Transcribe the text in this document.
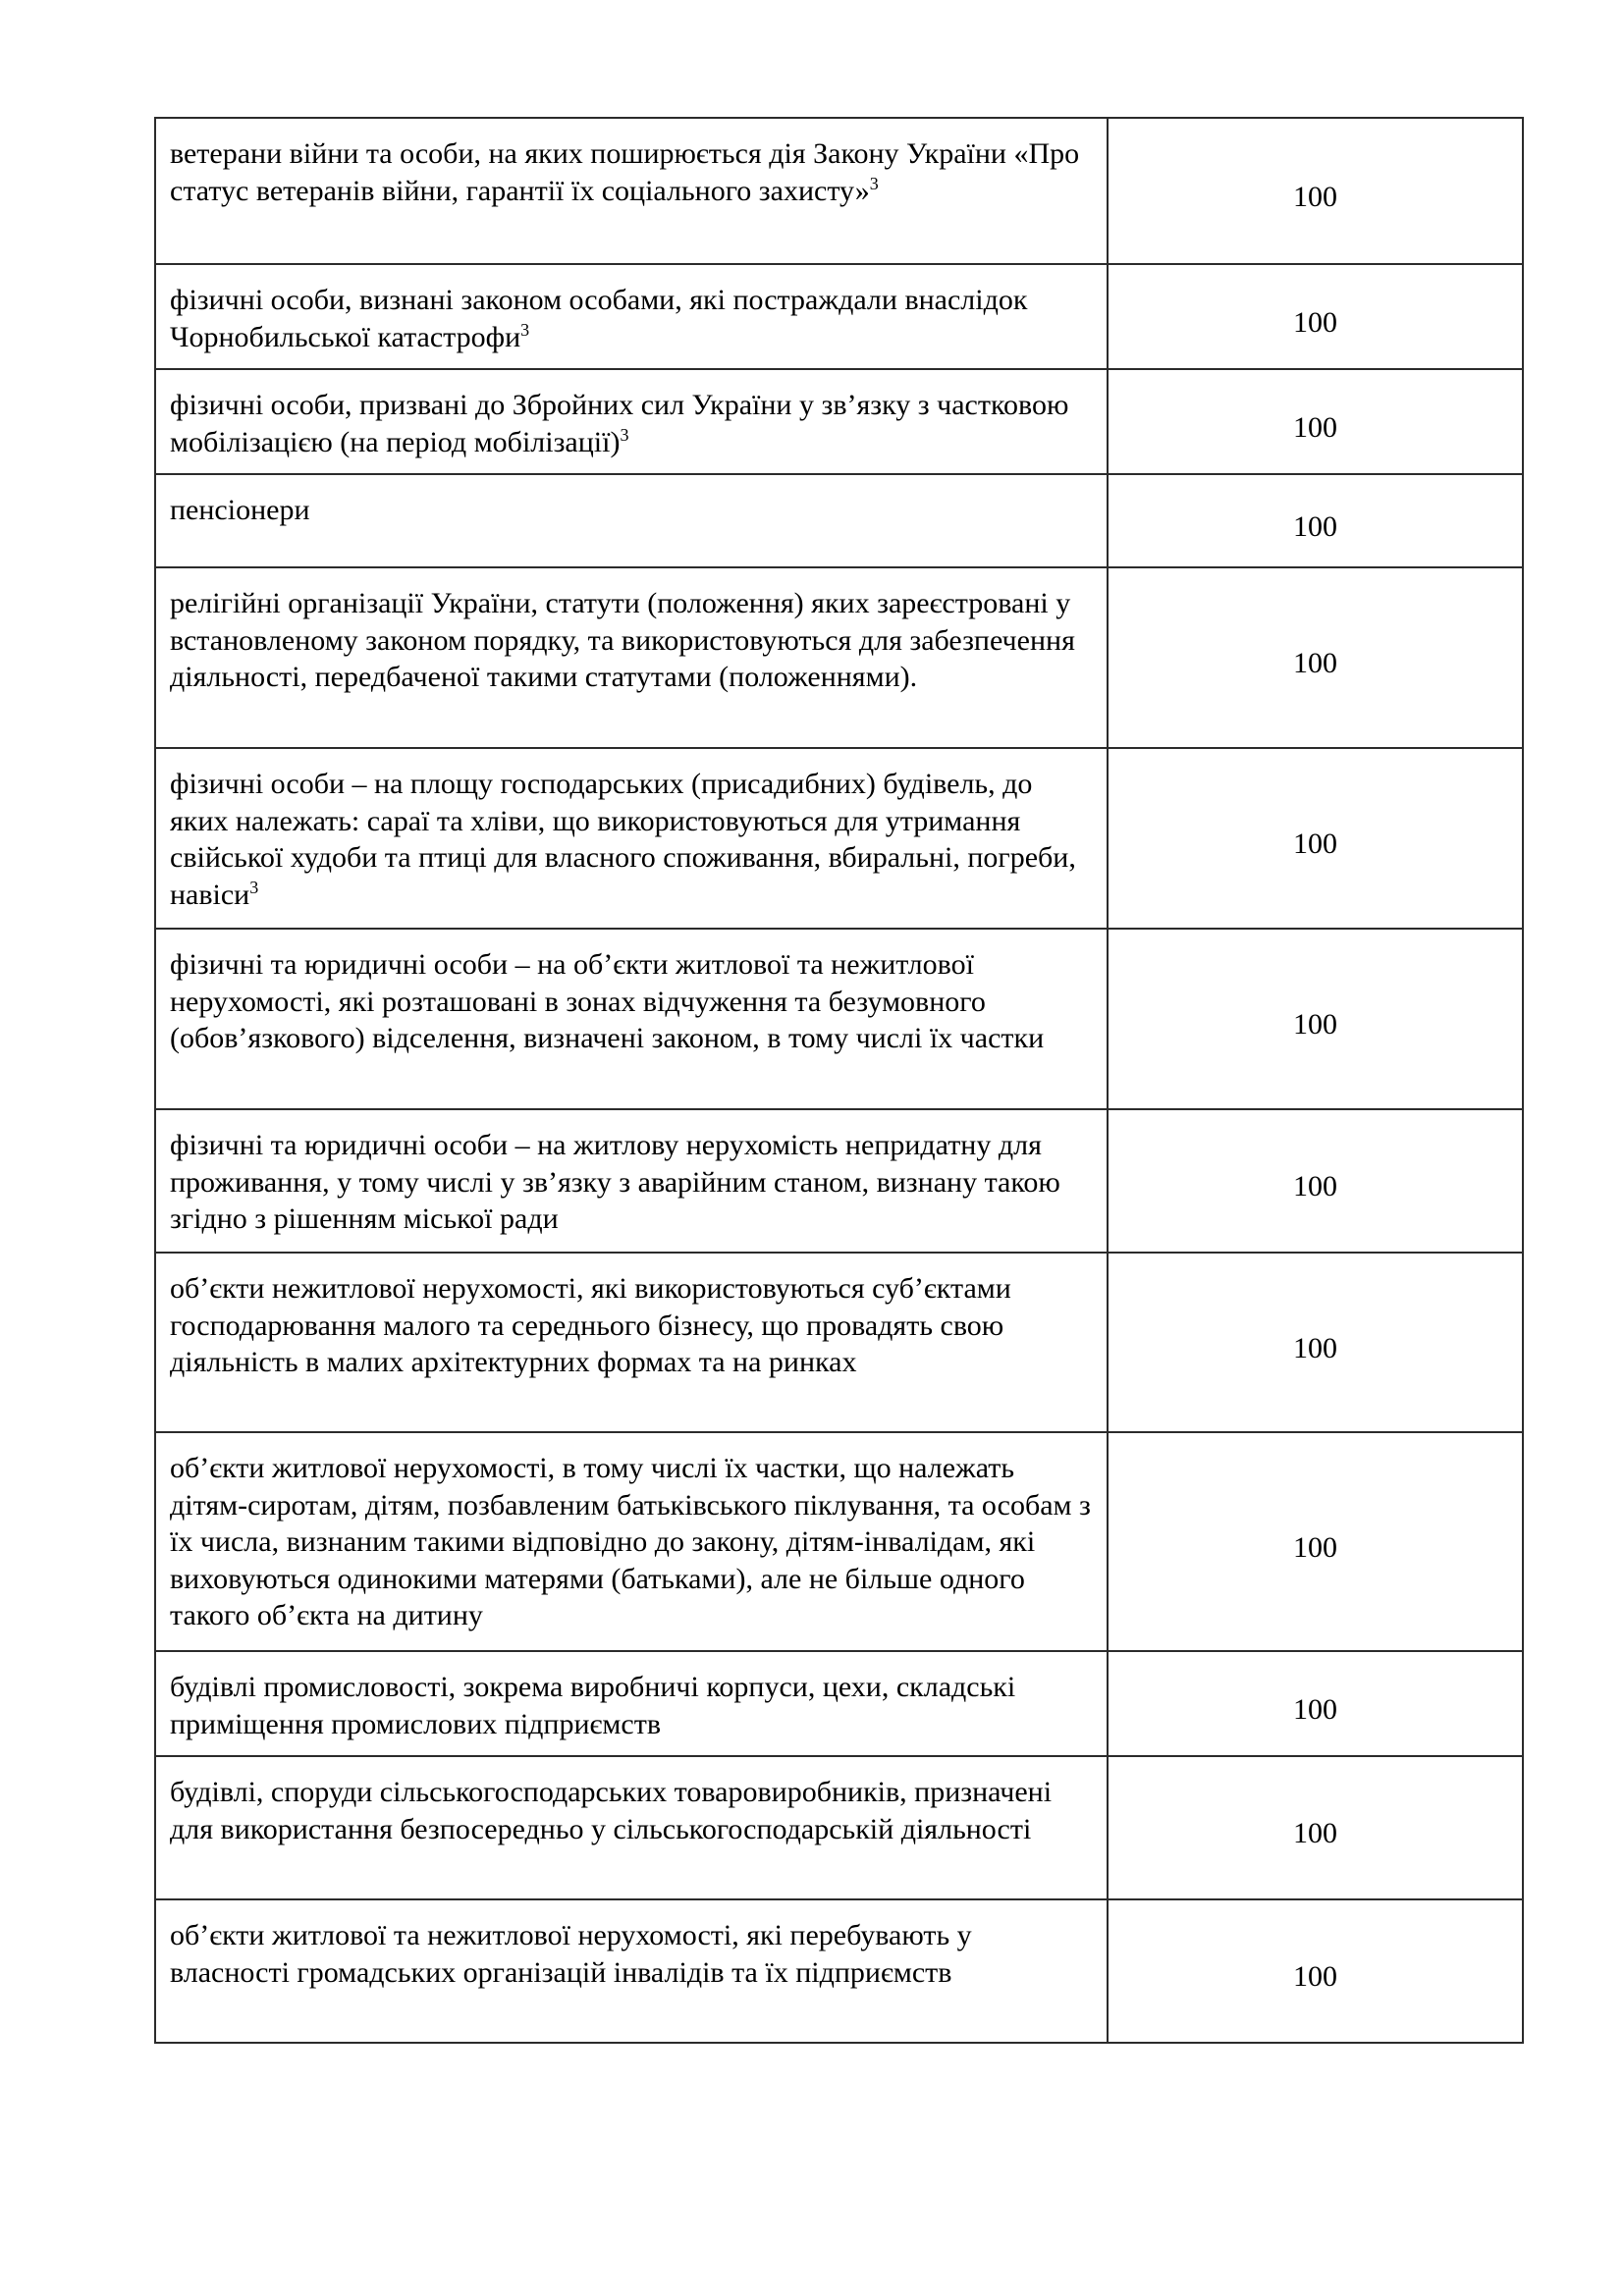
ветерани війни та особи, на яких поширюється дія Закону України «Про статус ветеранів війни, гарантії їх соціального захисту»$^3$	100
фізичні особи, визнані законом особами, які постраждали внаслідок Чорнобильської катастрофи$^3$	100
фізичні особи, призвані до Збройних сил України у зв’язку з частковою мобілізацією (на період мобілізації)$^3$	100
пенсіонери	100
релігійні організації України, статути (положення) яких зареєстровані у встановленому законом порядку, та використовуються для забезпечення діяльності, передбаченої такими статутами (положеннями).	100
фізичні особи – на площу господарських (присадибних) будівель, до яких належать: сараї та хліви, що використовуються для утримання свійської худоби та птиці для власного споживання, вбиральні, погреби, навіси$^3$	100
фізичні та юридичні особи – на об’єкти житлової та нежитлової нерухомості, які розташовані в зонах відчуження та безумовного (обов’язкового) відселення, визначені законом, в тому числі їх частки	100
фізичні та юридичні особи – на житлову нерухомість непридатну для проживання, у тому числі у зв’язку з аварійним станом, визнану такою згідно з рішенням міської ради	100
об’єкти нежитлової нерухомості, які використовуються суб’єктами господарювання малого та середнього бізнесу, що провадять свою діяльність в малих архітектурних формах та на ринках	100
об’єкти житлової нерухомості, в тому числі їх частки, що належать дітям-сиротам, дітям, позбавленим батьківського піклування, та особам з їх числа, визнаним такими відповідно до закону, дітям-інвалідам, які виховуються одинокими матерями (батьками), але не більше одного такого об’єкта на дитину	100
будівлі промисловості, зокрема виробничі корпуси, цехи, складські приміщення промислових підприємств	100
будівлі, споруди сільськогосподарських товаровиробників, призначені для використання безпосередньо у сільськогосподарській діяльності	100
об’єкти житлової та нежитлової нерухомості, які перебувають у власності громадських організацій інвалідів та їх підприємств	100
